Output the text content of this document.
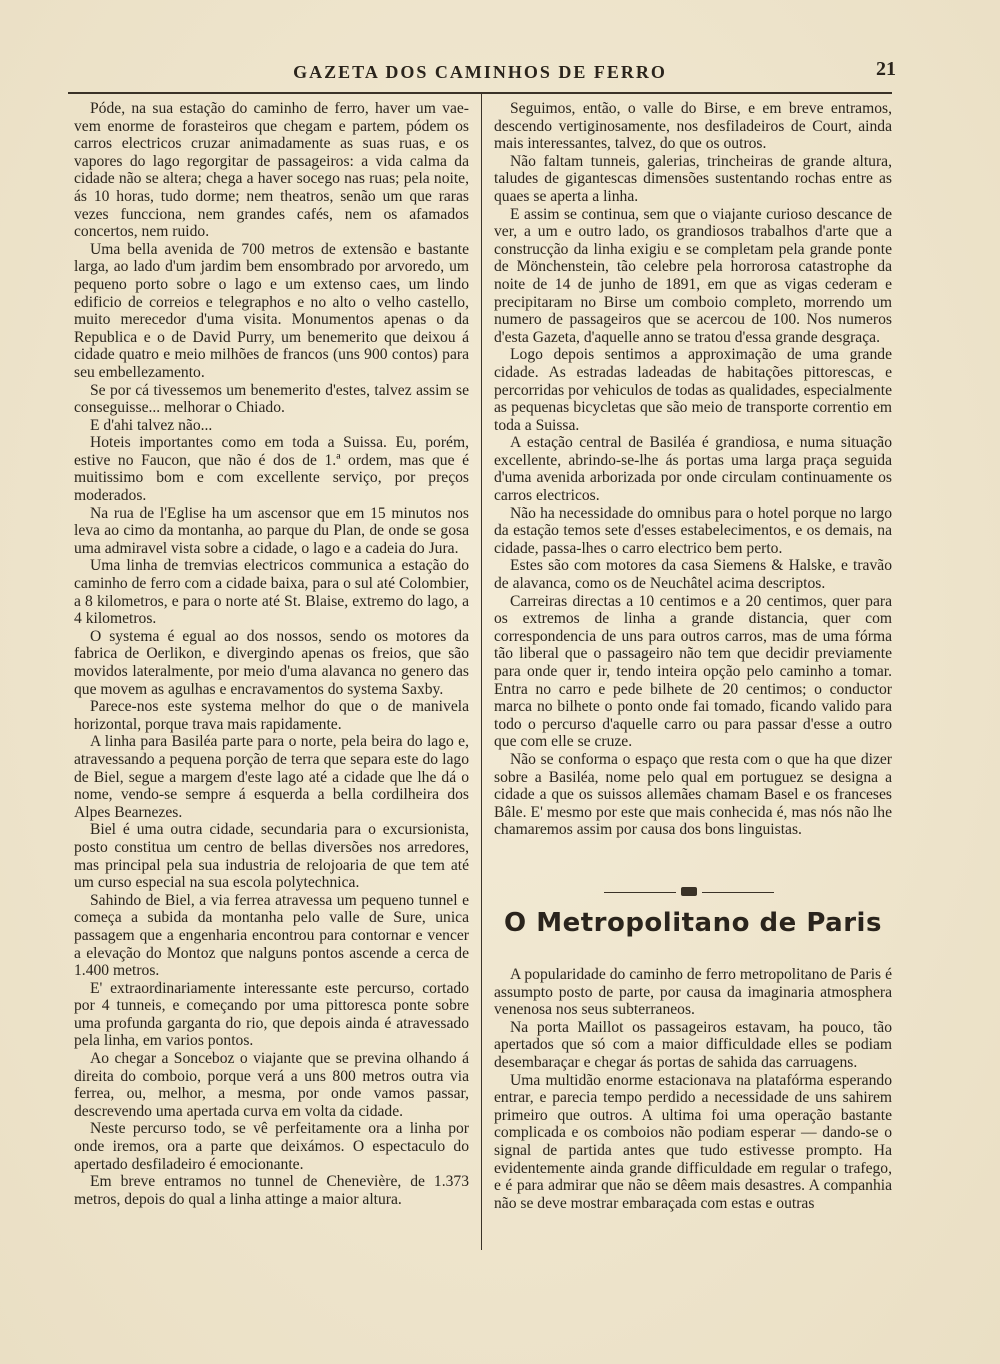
GAZETA DOS CAMINHOS DE FERRO	21

Póde, na sua estação do caminho de ferro, haver um vae-vem enorme de forasteiros que chegam e partem, pódem os carros electricos cruzar animadamente as suas ruas, e os vapores do lago regorgitar de passageiros: a vida calma da cidade não se altera; chega a haver socego nas ruas; pela noite, ás 10 horas, tudo dorme; nem theatros, senão um que raras vezes funcciona, nem grandes cafés, nem os afamados concertos, nem ruido.

Uma bella avenida de 700 metros de extensão e bastante larga, ao lado d'um jardim bem ensombrado por arvoredo, um pequeno porto sobre o lago e um extenso caes, um lindo edificio de correios e telegraphos e no alto o velho castello, muito merecedor d'uma visita. Monumentos apenas o da Republica e o de David Purry, um benemerito que deixou á cidade quatro e meio milhões de francos (uns 900 contos) para seu embellezamento.

Se por cá tivessemos um benemerito d'estes, talvez assim se conseguisse... melhorar o Chiado.

E d'ahi talvez não...

Hoteis importantes como em toda a Suissa. Eu, porém, estive no Faucon, que não é dos de 1.ª ordem, mas que é muitissimo bom e com excellente serviço, por preços moderados.

Na rua de l'Eglise ha um ascensor que em 15 minutos nos leva ao cimo da montanha, ao parque du Plan, de onde se gosa uma admiravel vista sobre a cidade, o lago e a cadeia do Jura.

Uma linha de tremvias electricos communica a estação do caminho de ferro com a cidade baixa, para o sul até Colombier, a 8 kilometros, e para o norte até St. Blaise, extremo do lago, a 4 kilometros.

O systema é egual ao dos nossos, sendo os motores da fabrica de Oerlikon, e divergindo apenas os freios, que são movidos lateralmente, por meio d'uma alavanca no genero das que movem as agulhas e encravamentos do systema Saxby.

Parece-nos este systema melhor do que o de manivela horizontal, porque trava mais rapidamente.

A linha para Basiléa parte para o norte, pela beira do lago e, atravessando a pequena porção de terra que separa este do lago de Biel, segue a margem d'este lago até a cidade que lhe dá o nome, vendo-se sempre á esquerda a bella cordilheira dos Alpes Bearnezes.

Biel é uma outra cidade, secundaria para o excursionista, posto constitua um centro de bellas diversões nos arredores, mas principal pela sua industria de relojoaria de que tem até um curso especial na sua escola polytechnica.

Sahindo de Biel, a via ferrea atravessa um pequeno tunnel e começa a subida da montanha pelo valle de Sure, unica passagem que a engenharia encontrou para contornar e vencer a elevação do Montoz que nalguns pontos ascende a cerca de 1.400 metros.

E' extraordinariamente interessante este percurso, cortado por 4 tunneis, e começando por uma pittoresca ponte sobre uma profunda garganta do rio, que depois ainda é atravessado pela linha, em varios pontos.

Ao chegar a Sonceboz o viajante que se previna olhando á direita do comboio, porque verá a uns 800 metros outra via ferrea, ou, melhor, a mesma, por onde vamos passar, descrevendo uma apertada curva em volta da cidade.

Neste percurso todo, se vê perfeitamente ora a linha por onde iremos, ora a parte que deixámos. O espectaculo do apertado desfiladeiro é emocionante.

Em breve entramos no tunnel de Chenevière, de 1.373 metros, depois do qual a linha attinge a maior altura.

Seguimos, então, o valle do Birse, e em breve entramos, descendo vertiginosamente, nos desfiladeiros de Court, ainda mais interessantes, talvez, do que os outros.

Não faltam tunneis, galerias, trincheiras de grande altura, taludes de gigantescas dimensões sustentando rochas entre as quaes se aperta a linha.

E assim se continua, sem que o viajante curioso descance de ver, a um e outro lado, os grandiosos trabalhos d'arte que a construcção da linha exigiu e se completam pela grande ponte de Mönchenstein, tão celebre pela horrorosa catastrophe da noite de 14 de junho de 1891, em que as vigas cederam e precipitaram no Birse um comboio completo, morrendo um numero de passageiros que se acercou de 100. Nos numeros d'esta Gazeta, d'aquelle anno se tratou d'essa grande desgraça.

Logo depois sentimos a approximação de uma grande cidade. As estradas ladeadas de habitações pittorescas, e percorridas por vehiculos de todas as qualidades, especialmente as pequenas bicycletas que são meio de transporte correntio em toda a Suissa.

A estação central de Basiléa é grandiosa, e numa situação excellente, abrindo-se-lhe ás portas uma larga praça seguida d'uma avenida arborizada por onde circulam continuamente os carros electricos.

Não ha necessidade do omnibus para o hotel porque no largo da estação temos sete d'esses estabelecimentos, e os demais, na cidade, passa-lhes o carro electrico bem perto.

Estes são com motores da casa Siemens & Halske, e travão de alavanca, como os de Neuchâtel acima descriptos.

Carreiras directas a 10 centimos e a 20 centimos, quer para os extremos de linha a grande distancia, quer com correspondencia de uns para outros carros, mas de uma fórma tão liberal que o passageiro não tem que decidir previamente para onde quer ir, tendo inteira opção pelo caminho a tomar. Entra no carro e pede bilhete de 20 centimos; o conductor marca no bilhete o ponto onde fai tomado, ficando valido para todo o percurso d'aquelle carro ou para passar d'esse a outro que com elle se cruze.

Não se conforma o espaço que resta com o que ha que dizer sobre a Basiléa, nome pelo qual em portuguez se designa a cidade a que os suissos allemães chamam Basel e os franceses Bâle. E' mesmo por este que mais conhecida é, mas nós não lhe chamaremos assim por causa dos bons linguistas.

O Metropolitano de Paris

A popularidade do caminho de ferro metropolitano de Paris é assumpto posto de parte, por causa da imaginaria atmosphera venenosa nos seus subterraneos.

Na porta Maillot os passageiros estavam, ha pouco, tão apertados que só com a maior difficuldade elles se podiam desembaraçar e chegar ás portas de sahida das carruagens.

Uma multidão enorme estacionava na platafórma esperando entrar, e parecia tempo perdido a necessidade de uns sahirem primeiro que outros. A ultima foi uma operação bastante complicada e os comboios não podiam esperar — dando-se o signal de partida antes que tudo estivesse prompto. Ha evidentemente ainda grande difficuldade em regular o trafego, e é para admirar que não se dêem mais desastres. A companhia não se deve mostrar embaraçada com estas e outras
